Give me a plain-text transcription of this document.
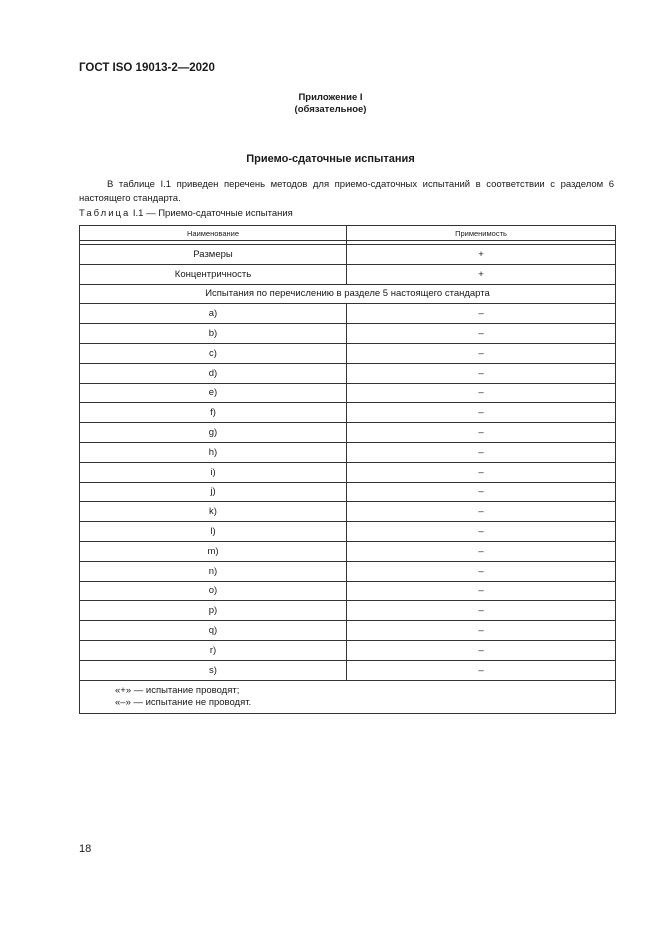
ГОСТ ISO 19013-2—2020
Приложение I
(обязательное)
Приемо-сдаточные испытания
В таблице I.1 приведен перечень методов для приемо-сдаточных испытаний в соответствии с разделом 6 настоящего стандарта.
Таблица I.1 — Приемо-сдаточные испытания
Наименование	Применимость

Размеры	+
Концентричность	+
Испытания по перечислению в разделе 5 настоящего стандарта	
a)	–
b)	–
c)	–
d)	–
e)	–
f)	–
g)	–
h)	–
i)	–
j)	–
k)	–
l)	–
m)	–
n)	–
o)	–
p)	–
q)	–
r)	–
s)	–

«+» — испытание проводят;
«–» — испытание не проводят.	
18
